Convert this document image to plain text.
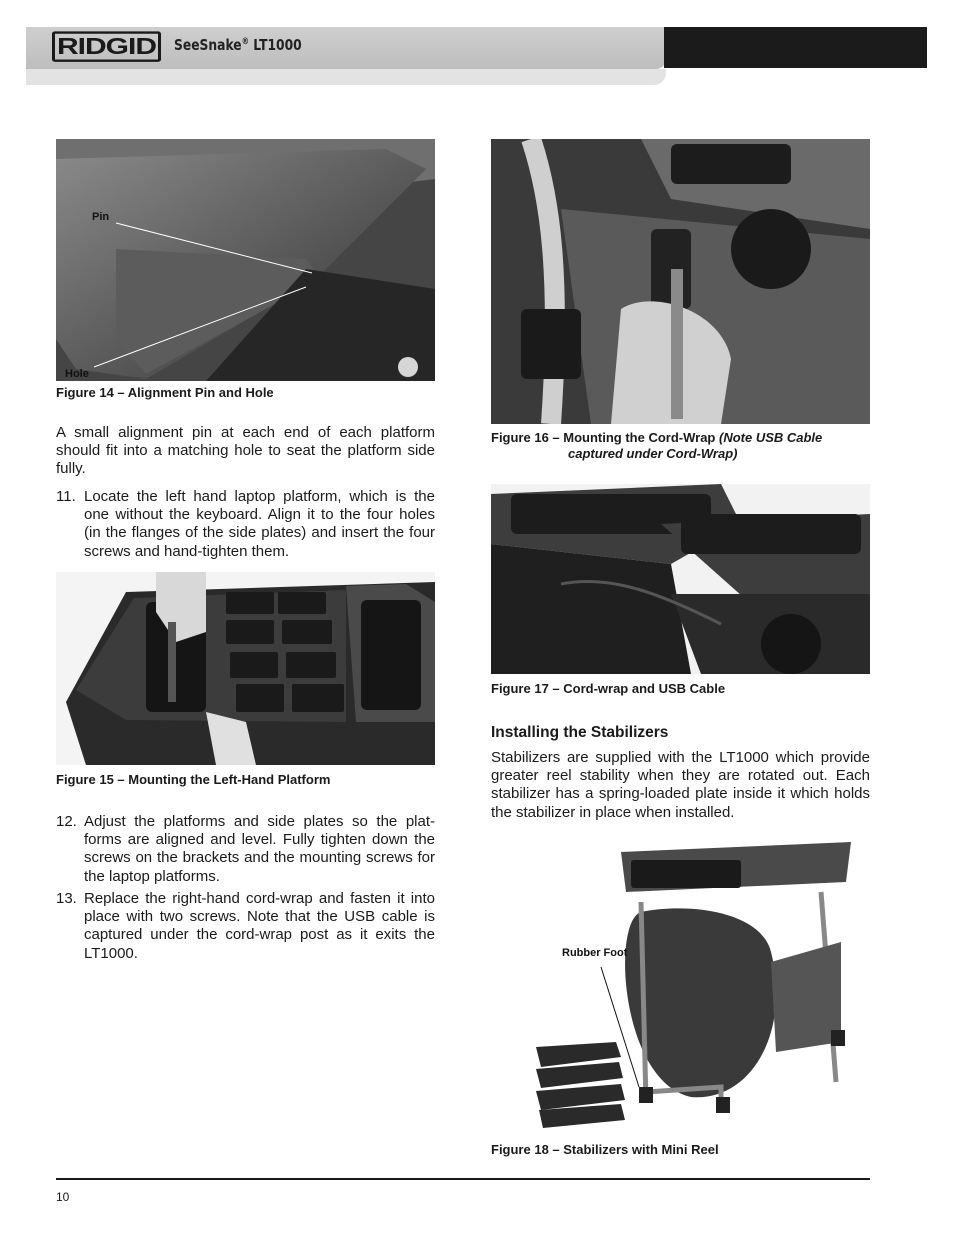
RIDGID SeeSnake® LT1000
Pin
Hole
Figure 14 – Alignment Pin and Hole
A small alignment pin at each end of each platform should fit into a matching hole to seat the platform side fully.
11. Locate the left hand laptop platform, which is the one without the keyboard. Align it to the four holes (in the flanges of the side plates) and insert the four screws and hand-tighten them.
Figure 15 – Mounting the Left-Hand Platform
12. Adjust the platforms and side plates so the plat-forms are aligned and level. Fully tighten down the screws on the brackets and the mounting screws for the laptop platforms.
13. Replace the right-hand cord-wrap and fasten it into place with two screws. Note that the USB cable is captured under the cord-wrap post as it exits the LT1000.
Figure 16 – Mounting the Cord-Wrap (Note USB Cable
captured under Cord-Wrap)
Figure 17 – Cord-wrap and USB Cable
Installing the Stabilizers
Stabilizers are supplied with the LT1000 which provide greater reel stability when they are rotated out. Each stabilizer has a spring-loaded plate inside it which holds the stabilizer in place when installed.
Rubber Foot
Figure 18 – Stabilizers with Mini Reel
10
